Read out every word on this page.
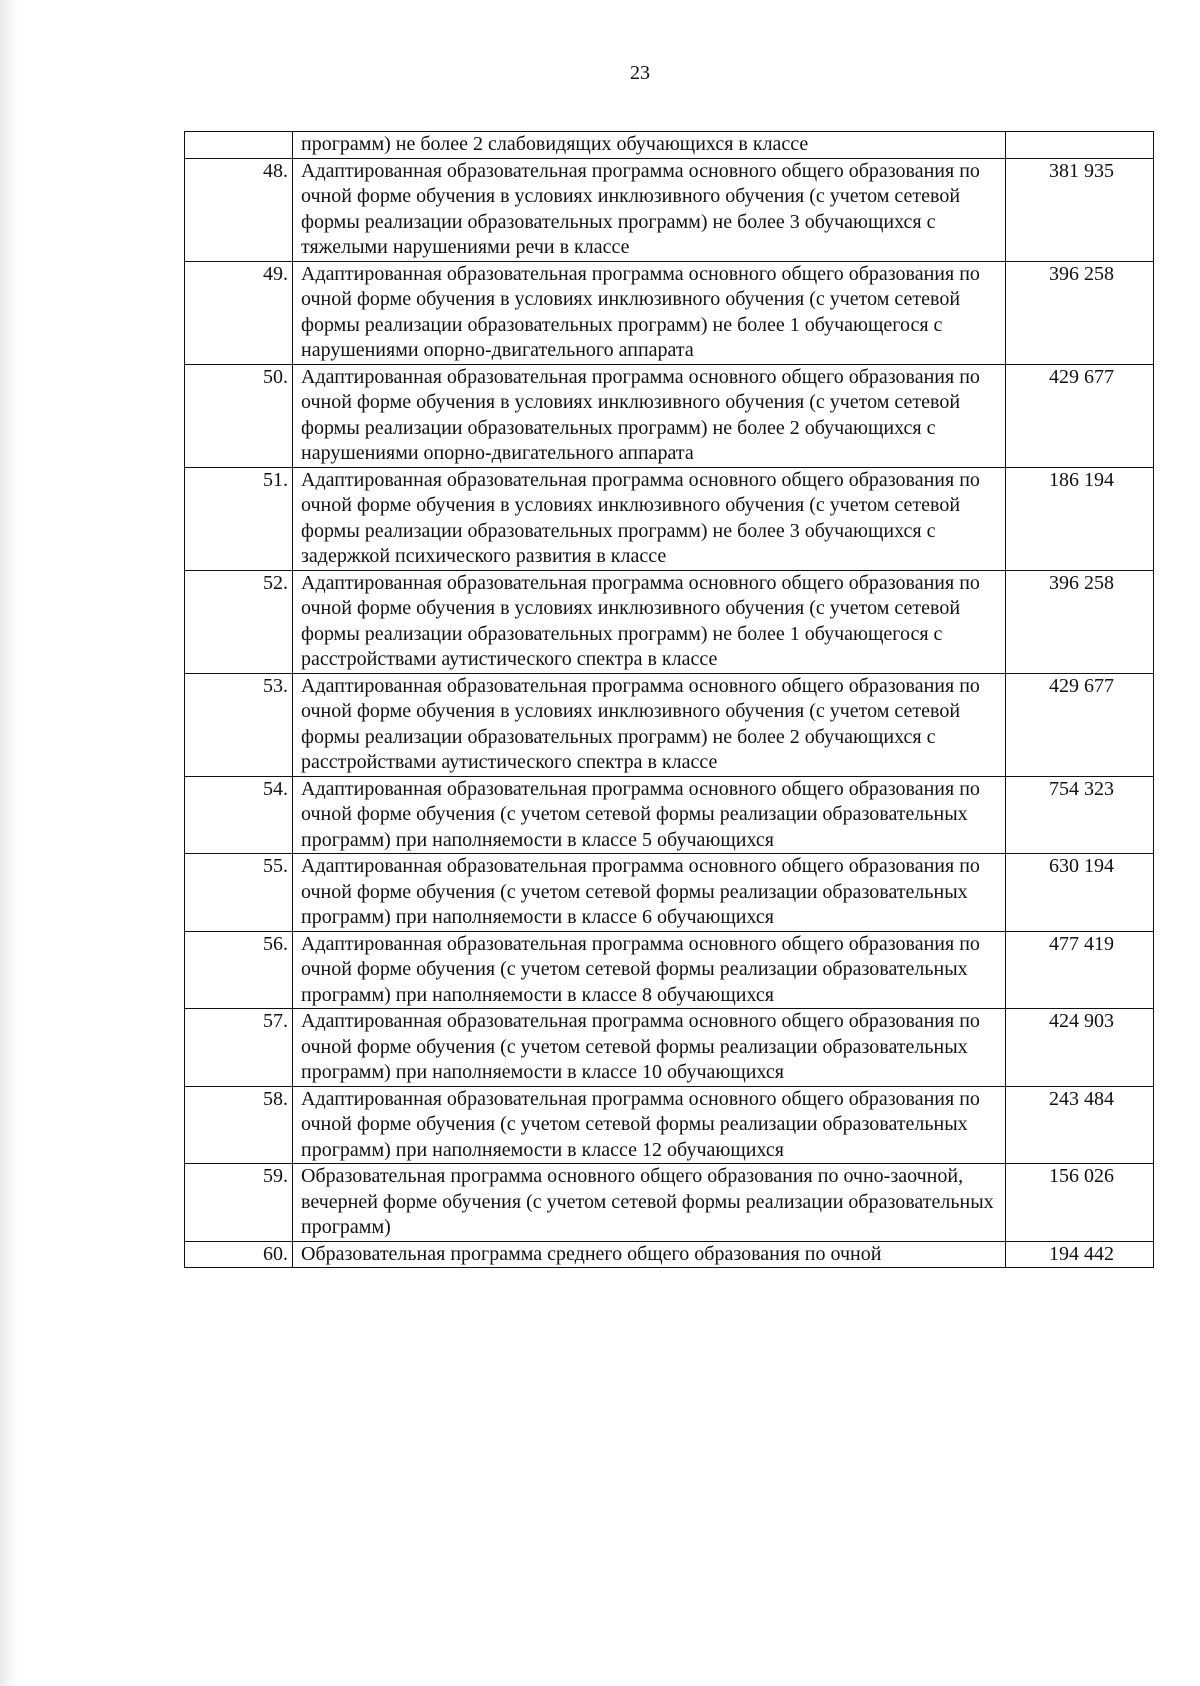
23
	программ) не более 2 слабовидящих обучающихся в классе	
48.	Адаптированная образовательная программа основного общего образования по очной форме обучения в условиях инклюзивного обучения (с учетом сетевой формы реализации образовательных программ) не более 3 обучающихся с тяжелыми нарушениями речи в классе	381 935
49.	Адаптированная образовательная программа основного общего образования по очной форме обучения в условиях инклюзивного обучения (с учетом сетевой формы реализации образовательных программ) не более 1 обучающегося с нарушениями опорно-двигательного аппарата	396 258
50.	Адаптированная образовательная программа основного общего образования по очной форме обучения в условиях инклюзивного обучения (с учетом сетевой формы реализации образовательных программ) не более 2 обучающихся с нарушениями опорно-двигательного аппарата	429 677
51.	Адаптированная образовательная программа основного общего образования по очной форме обучения в условиях инклюзивного обучения (с учетом сетевой формы реализации образовательных программ) не более 3 обучающихся с задержкой психического развития в классе	186 194
52.	Адаптированная образовательная программа основного общего образования по очной форме обучения в условиях инклюзивного обучения (с учетом сетевой формы реализации образовательных программ) не более 1 обучающегося с расстройствами аутистического спектра в классе	396 258
53.	Адаптированная образовательная программа основного общего образования по очной форме обучения в условиях инклюзивного обучения (с учетом сетевой формы реализации образовательных программ) не более 2 обучающихся с расстройствами аутистического спектра в классе	429 677
54.	Адаптированная образовательная программа основного общего образования по очной форме обучения (с учетом сетевой формы реализации образовательных программ) при наполняемости в классе 5 обучающихся	754 323
55.	Адаптированная образовательная программа основного общего образования по очной форме обучения (с учетом сетевой формы реализации образовательных программ) при наполняемости в классе 6 обучающихся	630 194
56.	Адаптированная образовательная программа основного общего образования по очной форме обучения (с учетом сетевой формы реализации образовательных программ) при наполняемости в классе 8 обучающихся	477 419
57.	Адаптированная образовательная программа основного общего образования по очной форме обучения (с учетом сетевой формы реализации образовательных программ) при наполняемости в классе 10 обучающихся	424 903
58.	Адаптированная образовательная программа основного общего образования по очной форме обучения (с учетом сетевой формы реализации образовательных программ) при наполняемости в классе 12 обучающихся	243 484
59.	Образовательная программа основного общего образования по очно-заочной, вечерней форме обучения (с учетом сетевой формы реализации образовательных программ)	156 026
60.	Образовательная программа среднего общего образования по очной	194 442
